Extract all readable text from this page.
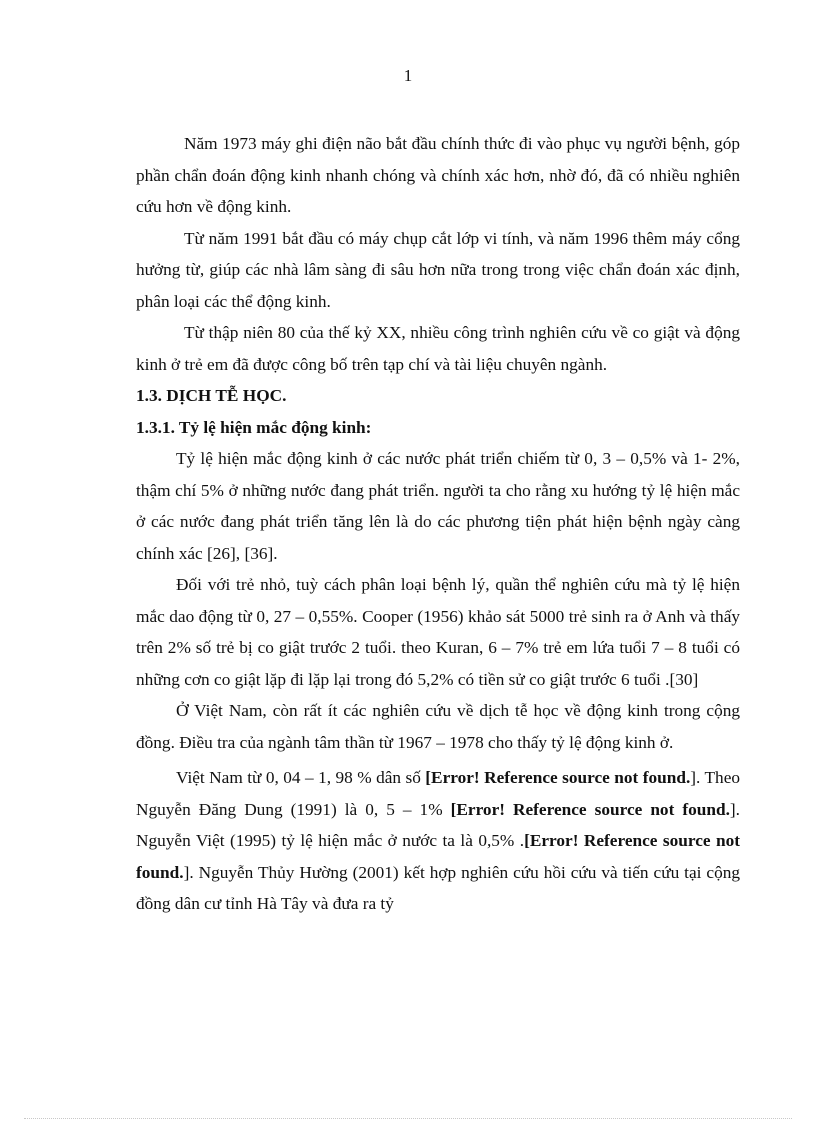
1

Năm 1973 máy ghi điện não bắt đầu chính thức đi vào phục vụ người bệnh, góp phần chẩn đoán động kinh nhanh chóng và chính xác hơn, nhờ đó, đã có nhiều nghiên cứu hơn về động kinh.

Từ năm 1991 bắt đầu có máy chụp cắt lớp vi tính, và năm 1996 thêm máy cổng hưởng từ, giúp các nhà lâm sàng đi sâu hơn nữa trong trong việc chẩn đoán xác định, phân loại các thể động kinh.

Từ thập niên 80 của thế kỷ XX, nhiều công trình nghiên cứu về co giật và động kinh ở trẻ em đã được công bố trên tạp chí và tài liệu chuyên ngành.

1.3. DỊCH TỄ HỌC.

1.3.1. Tỷ lệ hiện mắc động kinh:

Tỷ lệ hiện mắc động kinh ở các nước phát triển chiếm từ 0, 3 – 0,5% và 1- 2%, thậm chí 5% ở những nước đang phát triển. người ta cho rằng xu hướng tỷ lệ hiện mắc ở các nước đang phát triển tăng lên là do các phương tiện phát hiện bệnh ngày càng chính xác [26], [36].

Đối với trẻ nhỏ, tuỳ cách phân loại bệnh lý, quần thể nghiên cứu mà tỷ lệ hiện mắc dao động từ 0, 27 – 0,55%. Cooper (1956) khảo sát 5000 trẻ sinh ra ở Anh và thấy trên 2% số trẻ bị co giật trước 2 tuổi. theo Kuran, 6 – 7% trẻ em lứa tuổi 7 – 8 tuổi có những cơn co giật lặp đi lặp lại trong đó 5,2% có tiền sử co giật trước 6 tuổi .[30]

Ở Việt Nam, còn rất ít các nghiên cứu về dịch tễ học về động kinh trong cộng đồng. Điều tra của ngành tâm thần từ 1967 – 1978 cho thấy tỷ lệ động kinh ở.

Việt Nam từ 0, 04 – 1, 98 % dân số [Error! Reference source not found.]. Theo Nguyễn Đăng Dung (1991) là 0, 5 – 1% [Error! Reference source not found.]. Nguyễn Việt (1995) tỷ lệ hiện mắc ở nước ta là 0,5% .[Error! Reference source not found.]. Nguyễn Thủy Hường (2001) kết hợp nghiên cứu hồi cứu và tiến cứu tại cộng đồng dân cư tỉnh Hà Tây và đưa ra tỷ
